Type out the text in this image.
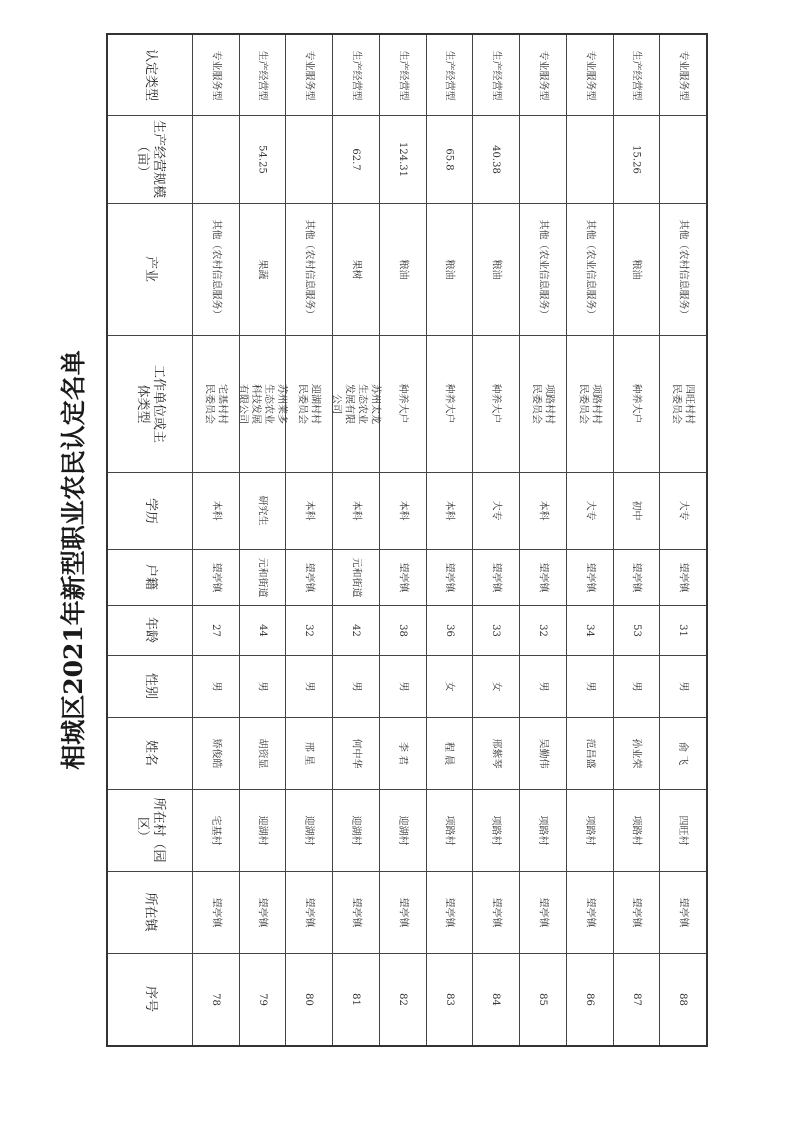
相城区2021年新型职业农民认定名单
序号
所在镇
所在村（园区）
姓名
性别
年龄
户籍
学历
工作单位或主体类型
产业
生产经营规模（亩）
认定类型
78
望亭镇
宅基村
矫俊皓
男
27
望亭镇
本科
宅基村村民委员会
其他（农村信息服务）
专业服务型
79
望亭镇
迎湖村
胡资显
男
44
元和街道
研究生
苏州莱多生态农业科技发展有限公司
果蔬
54.25
生产经营型
80
望亭镇
迎湖村
邢 星
男
32
望亭镇
本科
迎湖村村民委员会
其他（农村信息服务）
专业服务型
81
望亭镇
迎湖村
何中华
男
42
元和街道
本科
苏州太龙生态农业发展有限公司
果树
62.7
生产经营型
82
望亭镇
迎湖村
李 君
男
38
望亭镇
本科
种养大户
粮油
124.31
生产经营型
83
望亭镇
项路村
程 晨
女
36
望亭镇
本科
种养大户
粮油
65.8
生产经营型
84
望亭镇
项路村
邢紫琴
女
33
望亭镇
大专
种养大户
粮油
40.38
生产经营型
85
望亭镇
项路村
吴勤伟
男
32
望亭镇
本科
项路村村民委员会
其他（农业信息服务）
专业服务型
86
望亭镇
项路村
范昌盛
男
34
望亭镇
大专
项路村村民委员会
其他（农业信息服务）
专业服务型
87
望亭镇
项路村
孙业荣
男
53
望亭镇
初中
种养大户
粮油
15.26
生产经营型
88
望亭镇
四旺村
俞 飞
男
31
望亭镇
大专
四旺村村民委员会
其他（农村信息服务）
专业服务型
